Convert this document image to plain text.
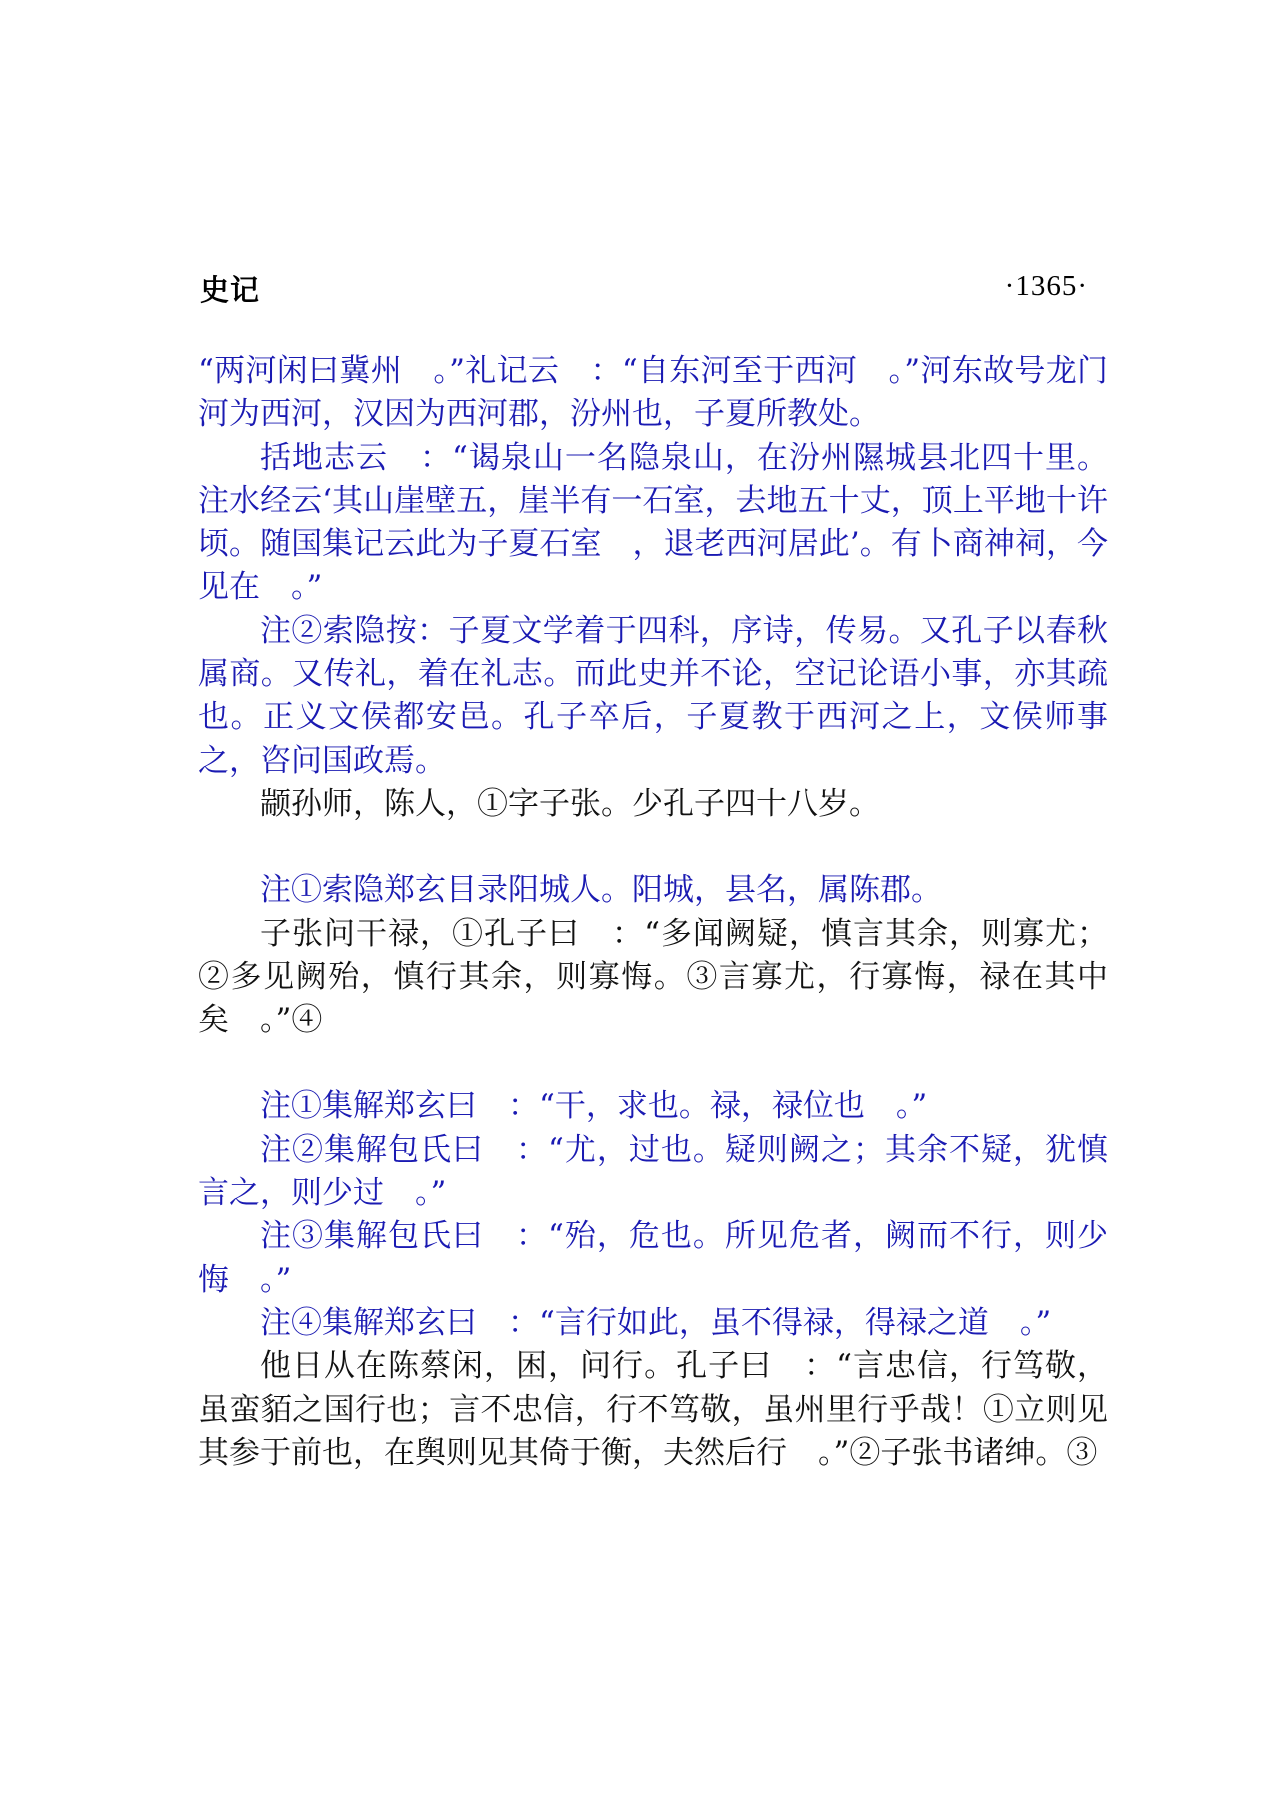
史记	·1365·

“两河闲曰冀州　。”礼记云　：“自东河至于西河　。”河东故号龙门河为西河，汉因为西河郡，汾州也，子夏所教处。

括地志云　：“谒泉山一名隐泉山，在汾州隰城县北四十里。注水经云‘其山崖壁五，崖半有一石室，去地五十丈，顶上平地十许顷。随国集记云此为子夏石室　，退老西河居此’。有卜商神祠，今见在　。”

注②索隐按：子夏文学着于四科，序诗，传易。又孔子以春秋属商。又传礼，着在礼志。而此史并不论，空记论语小事，亦其疏也。正义文侯都安邑。孔子卒后，子夏教于西河之上，文侯师事之，咨问国政焉。

颛孙师，陈人，①字子张。少孔子四十八岁。

注①索隐郑玄目录阳城人。阳城，县名，属陈郡。

子张问干禄，①孔子曰　：“多闻阙疑，慎言其余，则寡尤；②多见阙殆，慎行其余，则寡悔。③言寡尤，行寡悔，禄在其中矣　。”④

注①集解郑玄曰　：“干，求也。禄，禄位也　。”

注②集解包氏曰　：“尤，过也。疑则阙之；其余不疑，犹慎言之，则少过　。”

注③集解包氏曰　：“殆，危也。所见危者，阙而不行，则少悔　。”

注④集解郑玄曰　：“言行如此，虽不得禄，得禄之道　。”

他日从在陈蔡闲，困，问行。孔子曰　：“言忠信，行笃敬，虽蛮貊之国行也；言不忠信，行不笃敬，虽州里行乎哉！①立则见其参于前也，在舆则见其倚于衡，夫然后行　。”②子张书诸绅。③
